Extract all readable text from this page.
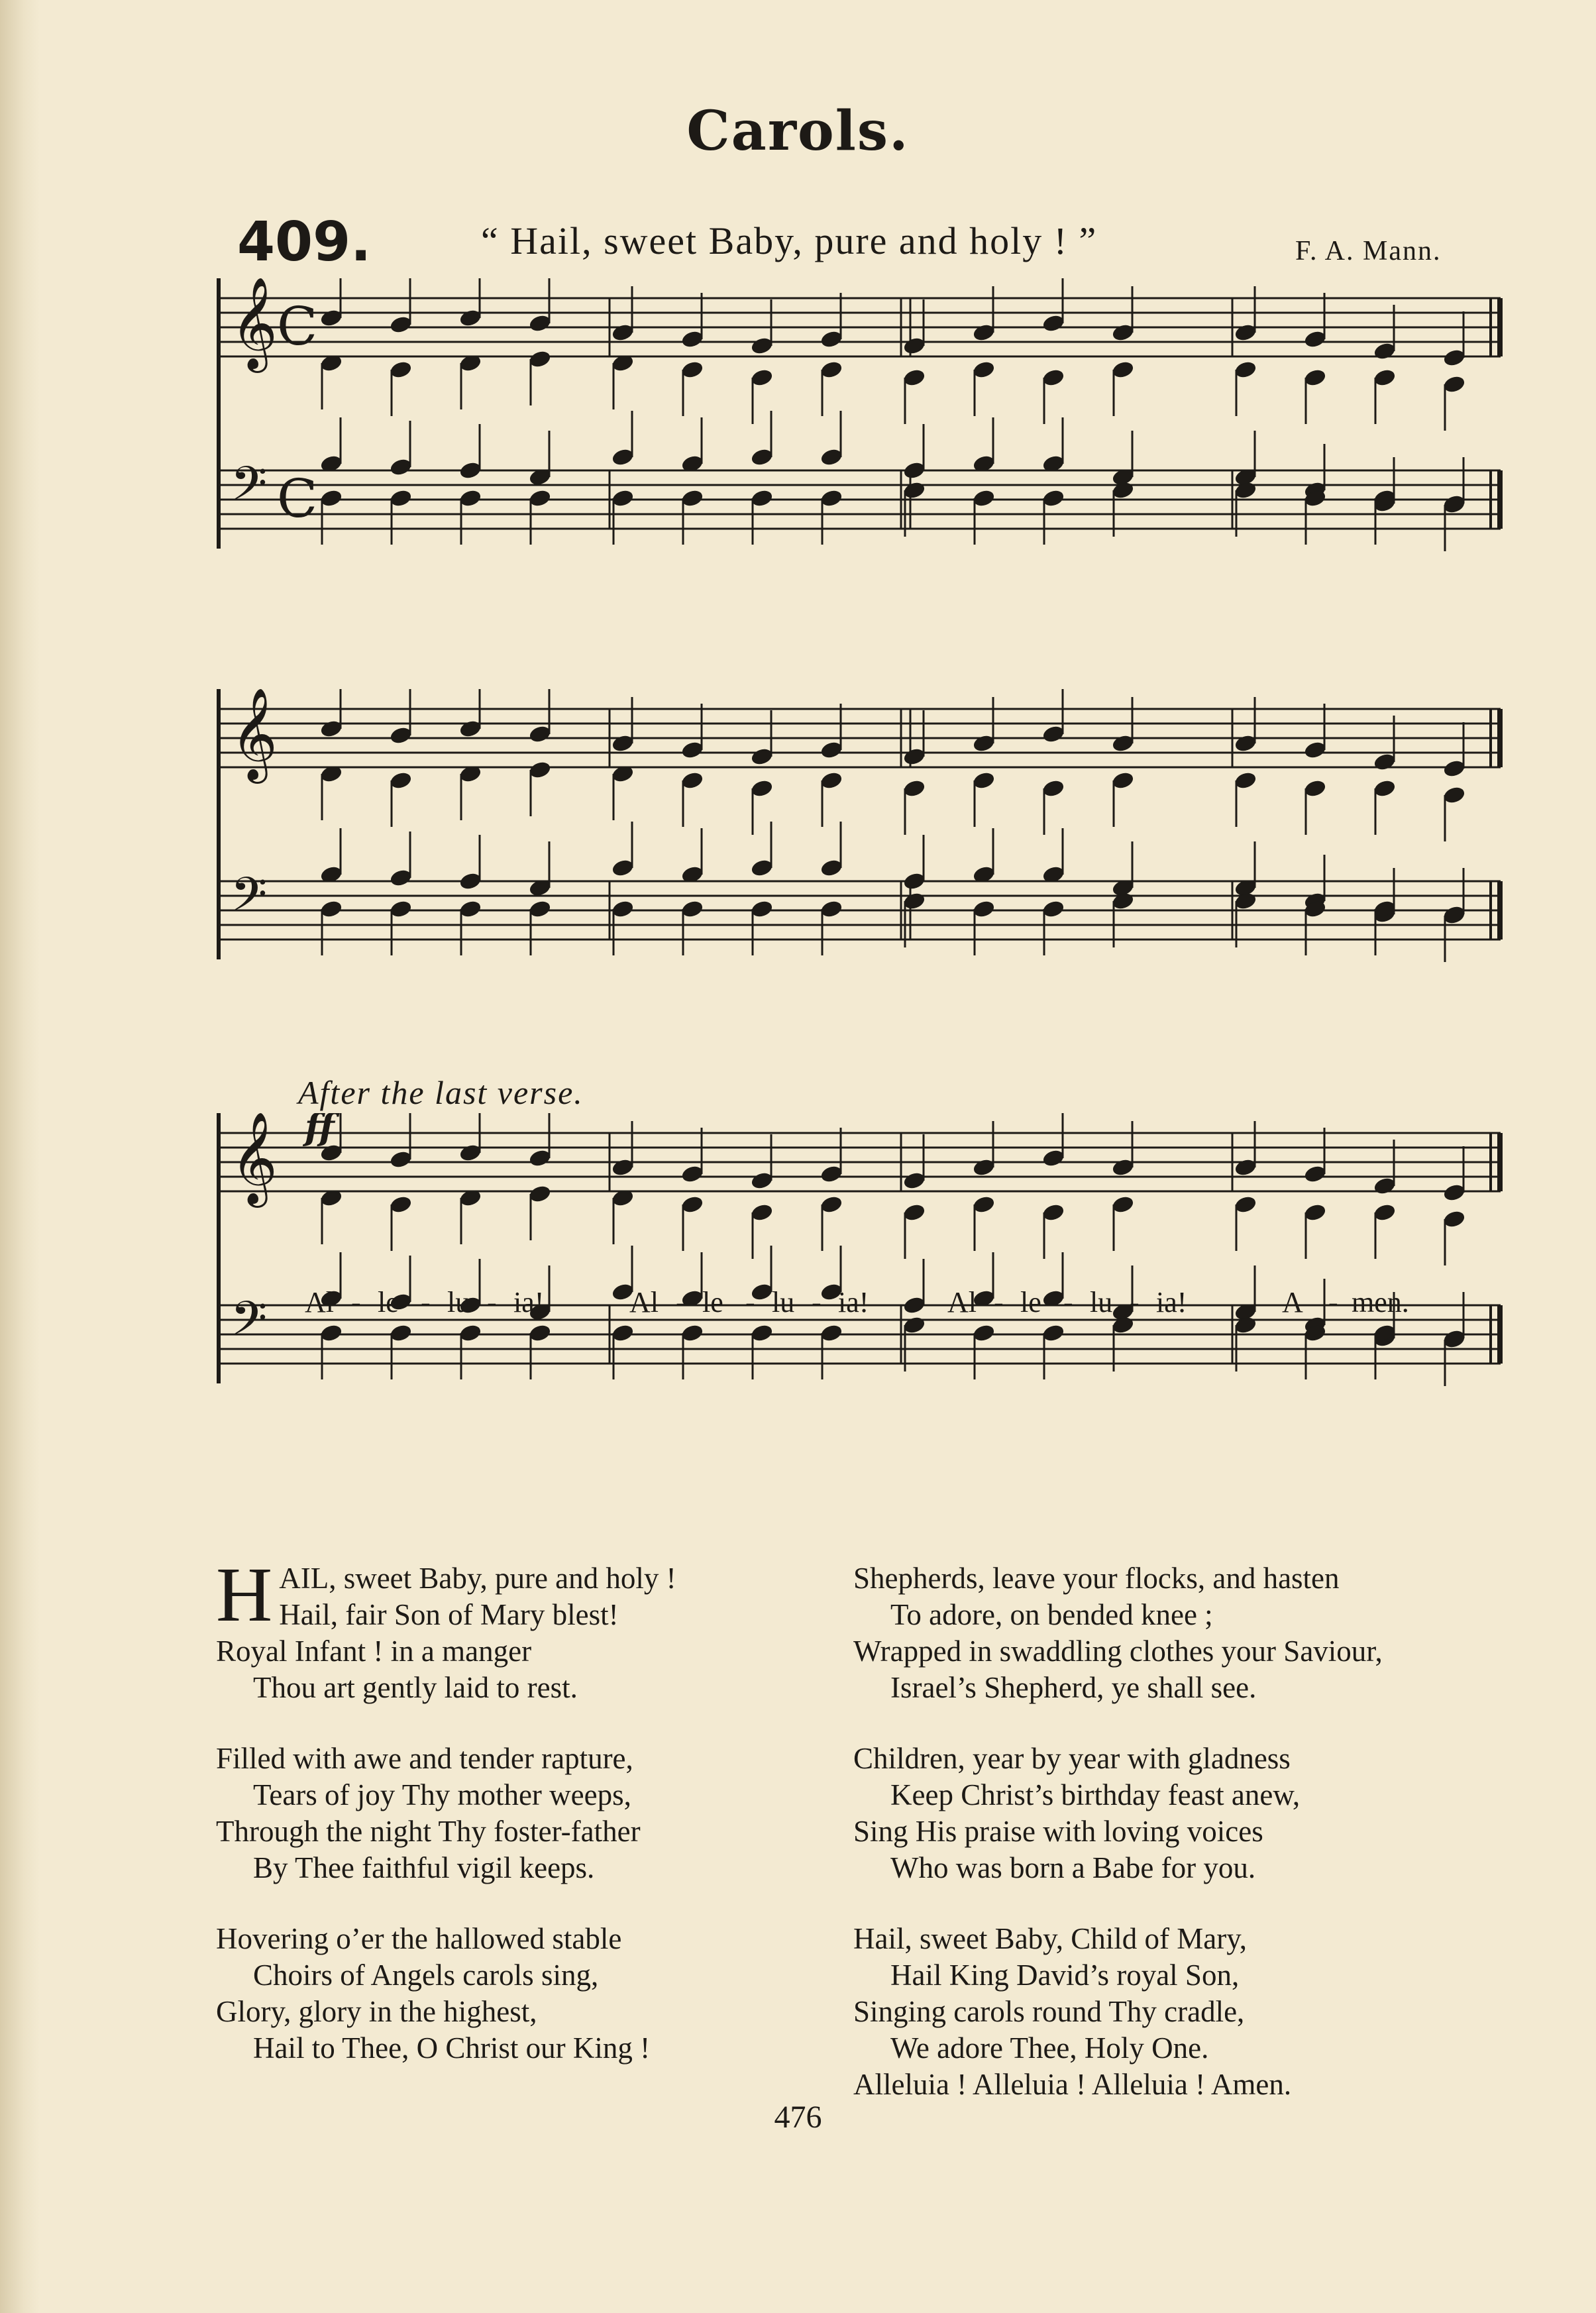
Carols.
409.	“ Hail, sweet Baby, pure and holy ! ”	F. A. Mann.
𝄞
𝄢
C
C
𝄞
𝄢
𝄞
𝄢
ff
After the last verse.
Al - le - lu - ia!	Al - le - lu - ia!	Al - le - lu - ia!	A - men.
H AIL, sweet Baby, pure and holy !
Hail, fair Son of Mary blest!
Royal Infant ! in a manger
Thou art gently laid to rest.
Filled with awe and tender rapture,
Tears of joy Thy mother weeps,
Through the night Thy foster-father
By Thee faithful vigil keeps.
Hovering o’er the hallowed stable
Choirs of Angels carols sing,
Glory, glory in the highest,
Hail to Thee, O Christ our King !
Shepherds, leave your flocks, and hasten
To adore, on bended knee ;
Wrapped in swaddling clothes your Saviour,
Israel’s Shepherd, ye shall see.
Children, year by year with gladness
Keep Christ’s birthday feast anew,
Sing His praise with loving voices
Who was born a Babe for you.
Hail, sweet Baby, Child of Mary,
Hail King David’s royal Son,
Singing carols round Thy cradle,
We adore Thee, Holy One.
Alleluia ! Alleluia ! Alleluia ! Amen.
476
